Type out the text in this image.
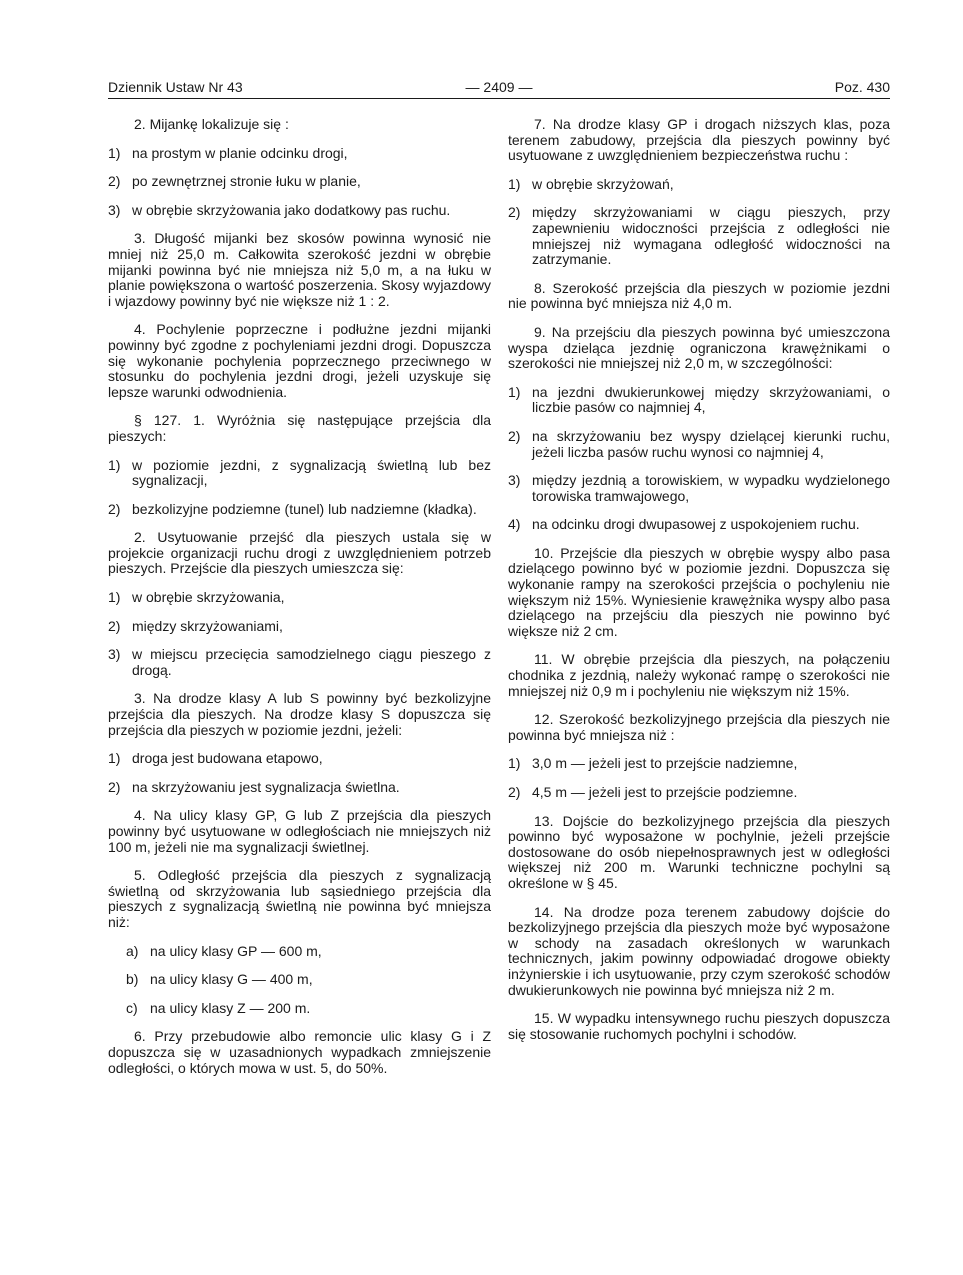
Dziennik Ustaw Nr 43	— 2409 —	Poz. 430
2. Mijankę lokalizuje się :
1) na prostym w planie odcinku drogi,
2) po zewnętrznej stronie łuku w planie,
3) w obrębie skrzyżowania jako dodatkowy pas ruchu.
3. Długość mijanki bez skosów powinna wynosić nie mniej niż 25,0 m. Całkowita szerokość jezdni w obrębie mijanki powinna być nie mniejsza niż 5,0 m, a na łuku w planie powiększona o wartość poszerzenia. Skosy wyjazdowy i wjazdowy powinny być nie większe niż 1 : 2.
4. Pochylenie poprzeczne i podłużne jezdni mijanki powinny być zgodne z pochyleniami jezdni drogi. Dopuszcza się wykonanie pochylenia poprzecznego przeciwnego w stosunku do pochylenia jezdni drogi, jeżeli uzyskuje się lepsze warunki odwodnienia.
§ 127. 1. Wyróżnia się następujące przejścia dla pieszych:
1) w poziomie jezdni, z sygnalizacją świetlną lub bez sygnalizacji,
2) bezkolizyjne podziemne (tunel) lub nadziemne (kładka).
2. Usytuowanie przejść dla pieszych ustala się w projekcie organizacji ruchu drogi z uwzględnieniem potrzeb pieszych. Przejście dla pieszych umieszcza się:
1) w obrębie skrzyżowania,
2) między skrzyżowaniami,
3) w miejscu przecięcia samodzielnego ciągu pieszego z drogą.
3. Na drodze klasy A lub S powinny być bezkolizyjne przejścia dla pieszych. Na drodze klasy S dopuszcza się przejścia dla pieszych w poziomie jezdni, jeżeli:
1) droga jest budowana etapowo,
2) na skrzyżowaniu jest sygnalizacja świetlna.
4. Na ulicy klasy GP, G lub Z przejścia dla pieszych powinny być usytuowane w odległościach nie mniejszych niż 100 m, jeżeli nie ma sygnalizacji świetlnej.
5. Odległość przejścia dla pieszych z sygnalizacją świetlną od skrzyżowania lub sąsiedniego przejścia dla pieszych z sygnalizacją świetlną nie powinna być mniejsza niż:
a) na ulicy klasy GP — 600 m,
b) na ulicy klasy G — 400 m,
c) na ulicy klasy Z — 200 m.
6. Przy przebudowie albo remoncie ulic klasy G i Z dopuszcza się w uzasadnionych wypadkach zmniejszenie odległości, o których mowa w ust. 5, do 50%.
7. Na drodze klasy GP i drogach niższych klas, poza terenem zabudowy, przejścia dla pieszych powinny być usytuowane z uwzględnieniem bezpieczeństwa ruchu :
1) w obrębie skrzyżowań,
2) między skrzyżowaniami w ciągu pieszych, przy zapewnieniu widoczności przejścia z odległości nie mniejszej niż wymagana odległość widoczności na zatrzymanie.
8. Szerokość przejścia dla pieszych w poziomie jezdni nie powinna być mniejsza niż 4,0 m.
9. Na przejściu dla pieszych powinna być umieszczona wyspa dzieląca jezdnię ograniczona krawężnikami o szerokości nie mniejszej niż 2,0 m, w szczególności:
1) na jezdni dwukierunkowej między skrzyżowaniami, o liczbie pasów co najmniej 4,
2) na skrzyżowaniu bez wyspy dzielącej kierunki ruchu, jeżeli liczba pasów ruchu wynosi co najmniej 4,
3) między jezdnią a torowiskiem, w wypadku wydzielonego torowiska tramwajowego,
4) na odcinku drogi dwupasowej z uspokojeniem ruchu.
10. Przejście dla pieszych w obrębie wyspy albo pasa dzielącego powinno być w poziomie jezdni. Dopuszcza się wykonanie rampy na szerokości przejścia o pochyleniu nie większym niż 15%. Wyniesienie krawężnika wyspy albo pasa dzielącego na przejściu dla pieszych nie powinno być większe niż 2 cm.
11. W obrębie przejścia dla pieszych, na połączeniu chodnika z jezdnią, należy wykonać rampę o szerokości nie mniejszej niż 0,9 m i pochyleniu nie większym niż 15%.
12. Szerokość bezkolizyjnego przejścia dla pieszych nie powinna być mniejsza niż :
1) 3,0 m — jeżeli jest to przejście nadziemne,
2) 4,5 m — jeżeli jest to przejście podziemne.
13. Dojście do bezkolizyjnego przejścia dla pieszych powinno być wyposażone w pochylnie, jeżeli przejście dostosowane do osób niepełnosprawnych jest w odległości większej niż 200 m. Warunki techniczne pochylni są określone w § 45.
14. Na drodze poza terenem zabudowy dojście do bezkolizyjnego przejścia dla pieszych może być wyposażone w schody na zasadach określonych w warunkach technicznych, jakim powinny odpowiadać drogowe obiekty inżynierskie i ich usytuowanie, przy czym szerokość schodów dwukierunkowych nie powinna być mniejsza niż 2 m.
15. W wypadku intensywnego ruchu pieszych dopuszcza się stosowanie ruchomych pochylni i schodów.
